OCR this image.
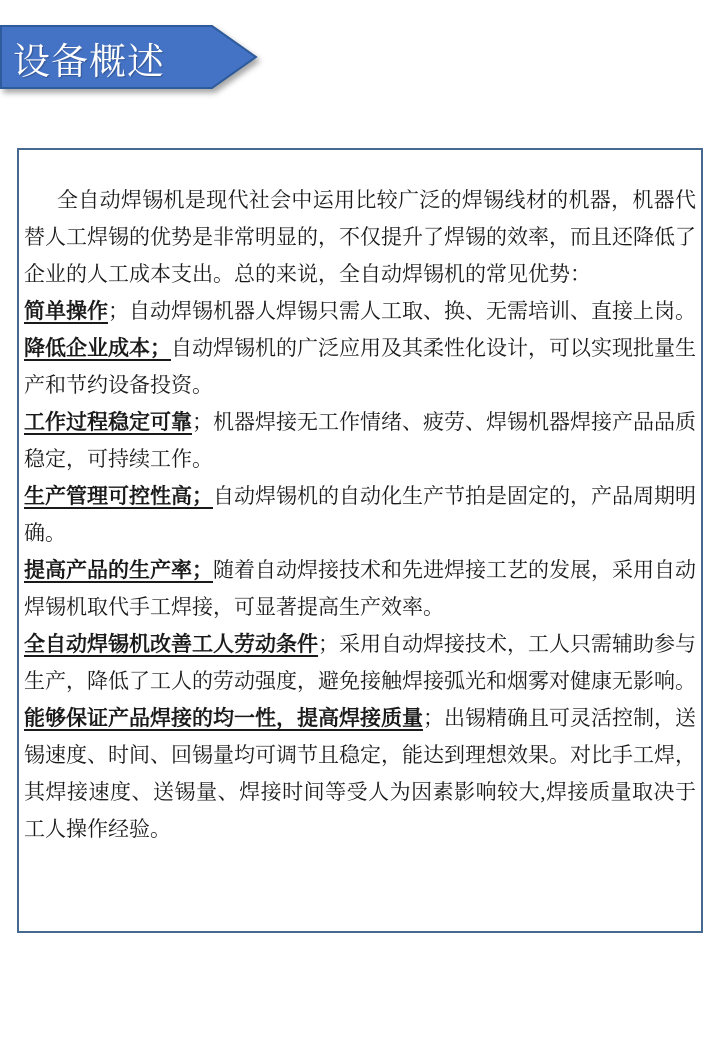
设备概述

全自动焊锡机是现代社会中运用比较广泛的焊锡线材的机器，机器代替人工焊锡的优势是非常明显的，不仅提升了焊锡的效率，而且还降低了企业的人工成本支出。总的来说，全自动焊锡机的常见优势：

简单操作；自动焊锡机器人焊锡只需人工取、换、无需培训、直接上岗。

降低企业成本；自动焊锡机的广泛应用及其柔性化设计，可以实现批量生产和节约设备投资。

工作过程稳定可靠；机器焊接无工作情绪、疲劳、焊锡机器焊接产品品质稳定，可持续工作。

生产管理可控性高；自动焊锡机的自动化生产节拍是固定的，产品周期明确。

提高产品的生产率；随着自动焊接技术和先进焊接工艺的发展，采用自动焊锡机取代手工焊接，可显著提高生产效率。

全自动焊锡机改善工人劳动条件；采用自动焊接技术，工人只需辅助参与生产，降低了工人的劳动强度，避免接触焊接弧光和烟雾对健康无影响。

能够保证产品焊接的均一性，提高焊接质量；出锡精确且可灵活控制，送锡速度、时间、回锡量均可调节且稳定，能达到理想效果。对比手工焊，其焊接速度、送锡量、焊接时间等受人为因素影响较大,焊接质量取决于工人操作经验。
